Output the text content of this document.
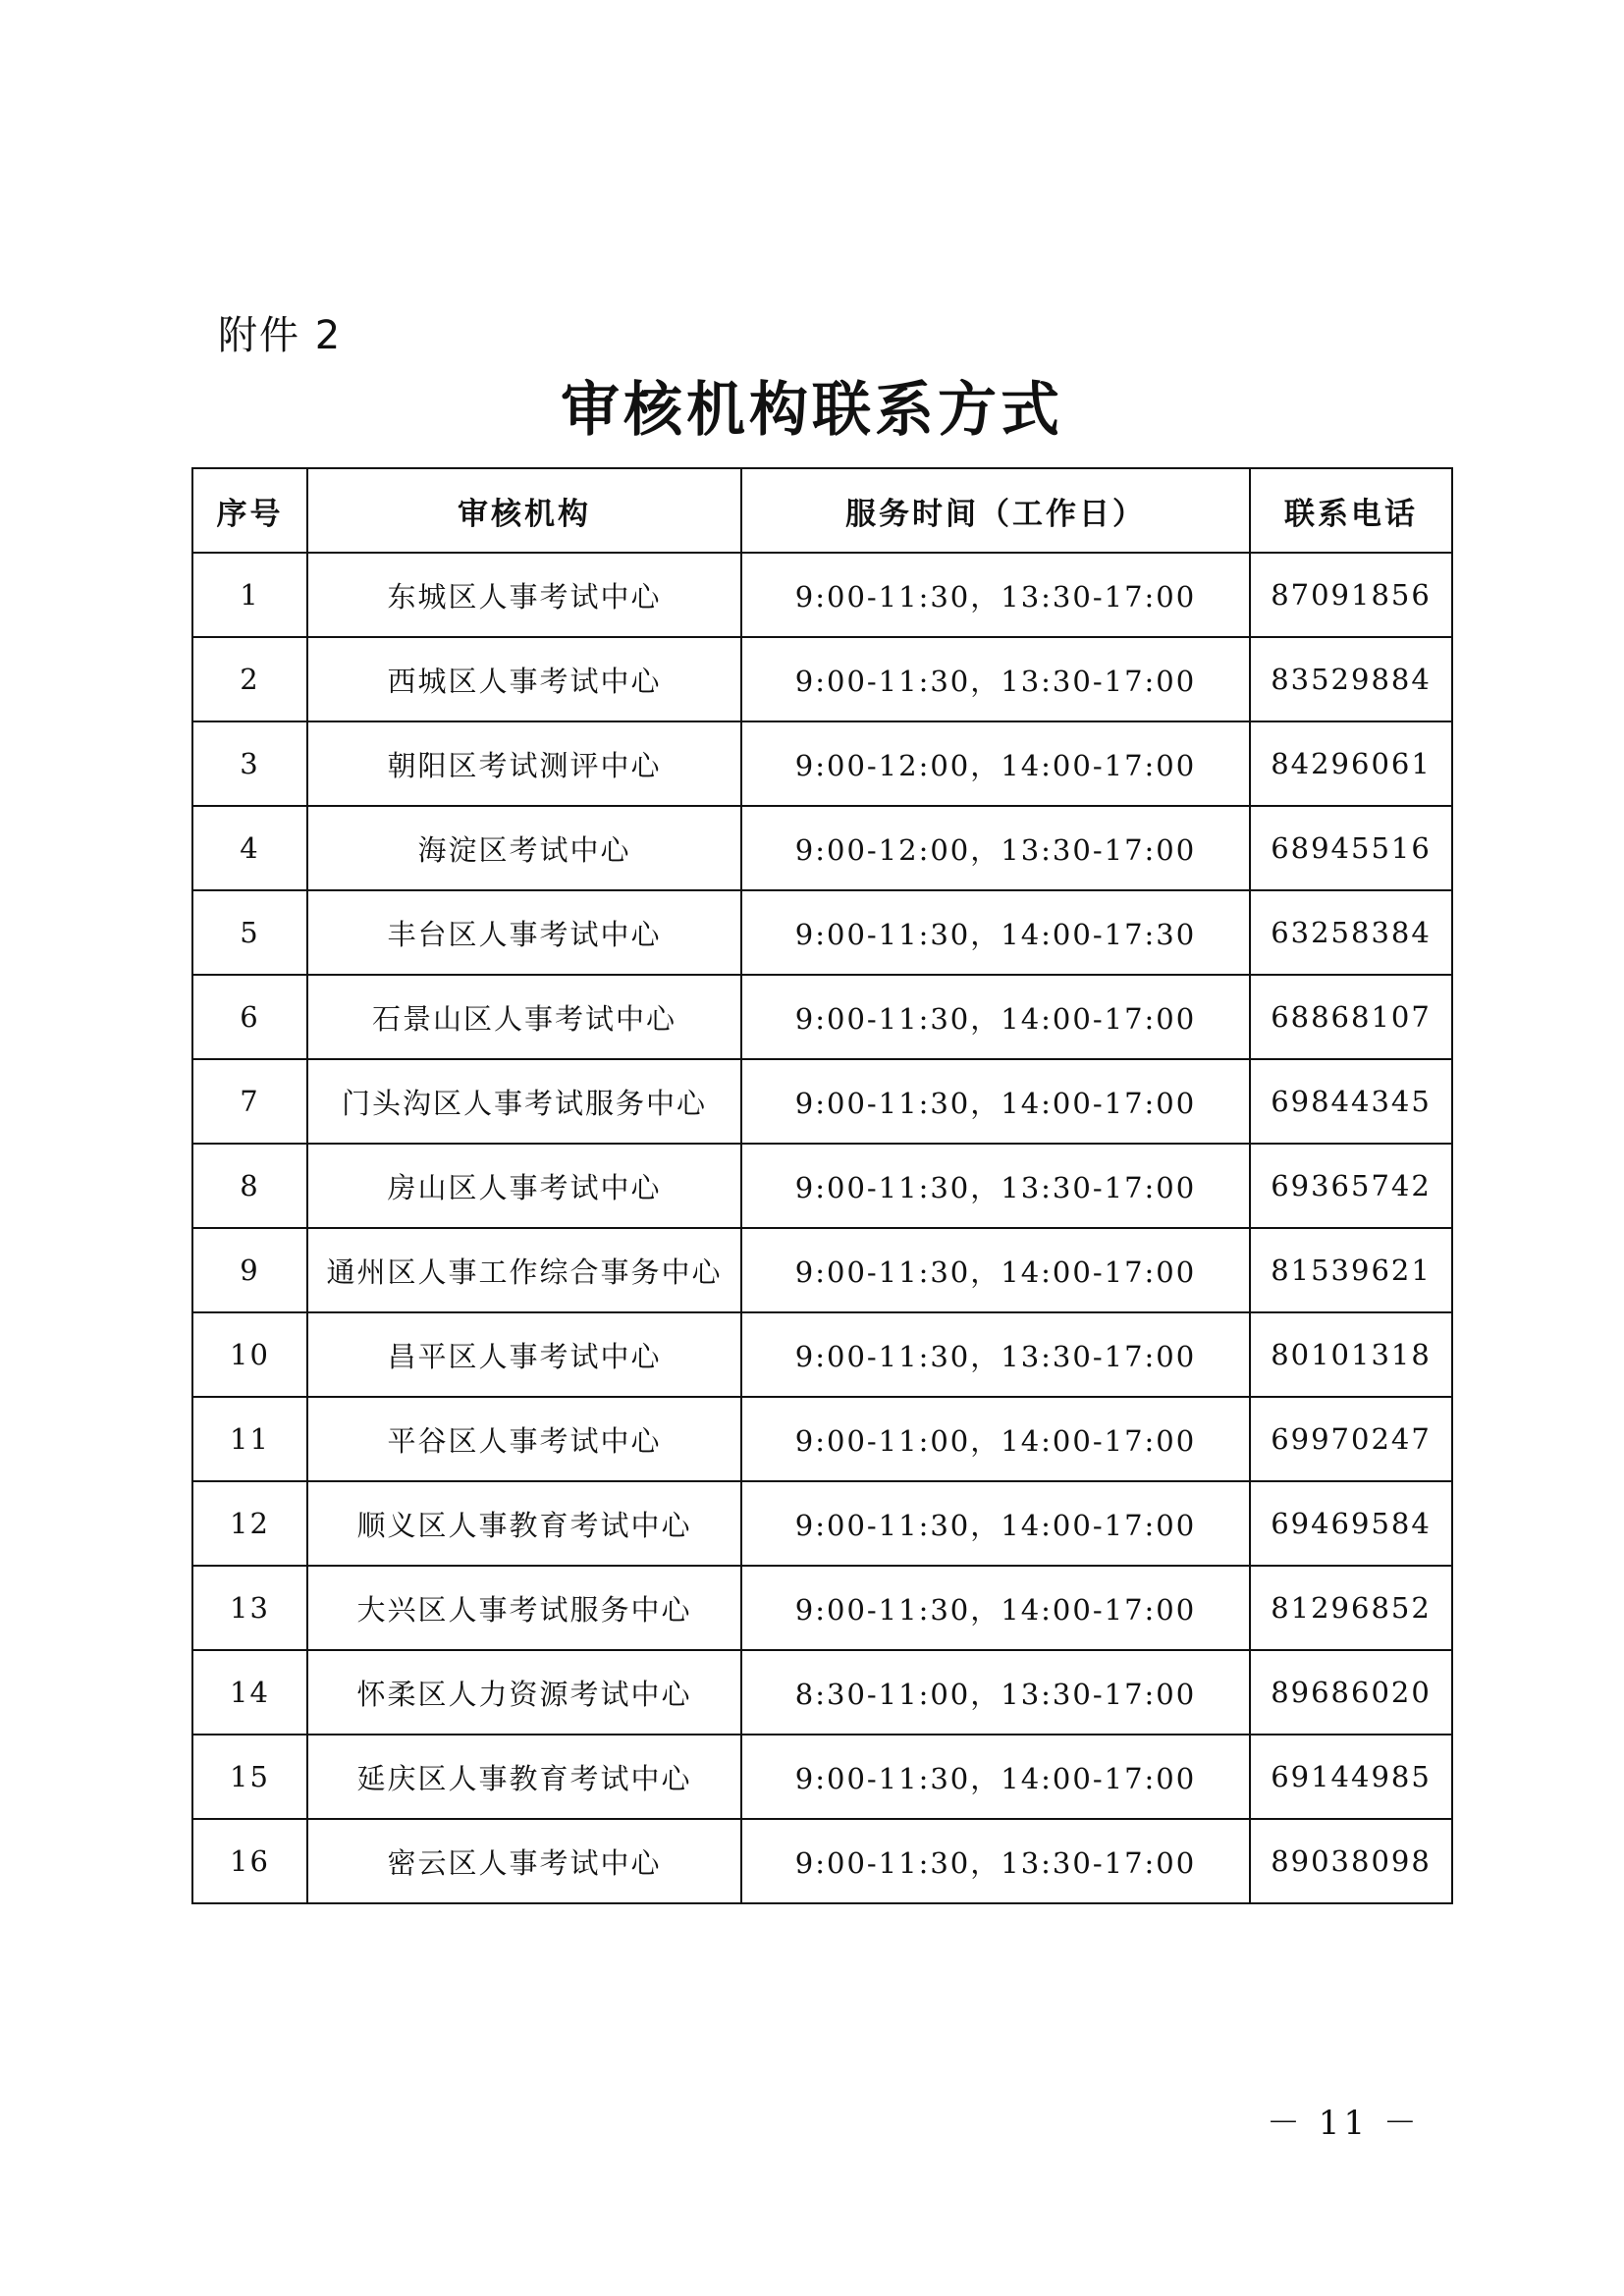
附件 2
审核机构联系方式
序号	审核机构	服务时间（工作日）	联系电话
1	东城区人事考试中心	9:00-11:30，13:30-17:00	87091856
2	西城区人事考试中心	9:00-11:30，13:30-17:00	83529884
3	朝阳区考试测评中心	9:00-12:00，14:00-17:00	84296061
4	海淀区考试中心	9:00-12:00，13:30-17:00	68945516
5	丰台区人事考试中心	9:00-11:30，14:00-17:30	63258384
6	石景山区人事考试中心	9:00-11:30，14:00-17:00	68868107
7	门头沟区人事考试服务中心	9:00-11:30，14:00-17:00	69844345
8	房山区人事考试中心	9:00-11:30，13:30-17:00	69365742
9	通州区人事工作综合事务中心	9:00-11:30，14:00-17:00	81539621
10	昌平区人事考试中心	9:00-11:30，13:30-17:00	80101318
11	平谷区人事考试中心	9:00-11:00，14:00-17:00	69970247
12	顺义区人事教育考试中心	9:00-11:30，14:00-17:00	69469584
13	大兴区人事考试服务中心	9:00-11:30，14:00-17:00	81296852
14	怀柔区人力资源考试中心	8:30-11:00，13:30-17:00	89686020
15	延庆区人事教育考试中心	9:00-11:30，14:00-17:00	69144985
16	密云区人事考试中心	9:00-11:30，13:30-17:00	89038098
－ 11 －
